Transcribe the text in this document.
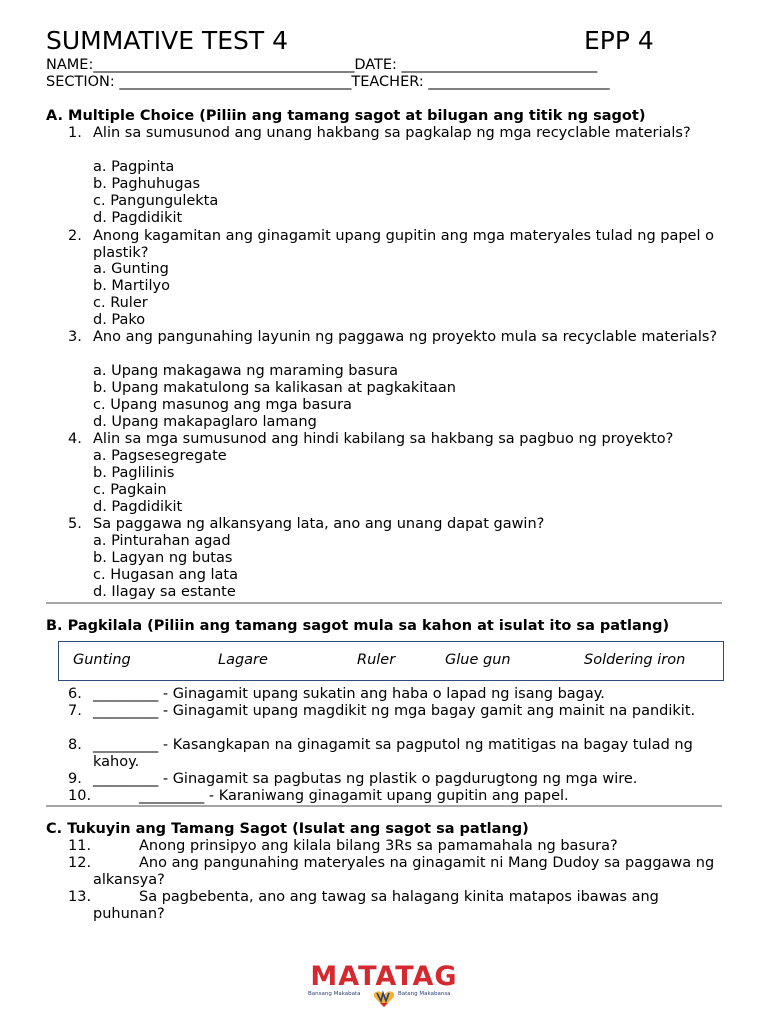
SUMMATIVE TEST 4	EPP 4
NAME:____________________________________DATE: ___________________________
SECTION: ________________________________TEACHER: _________________________
A. Multiple Choice (Piliin ang tamang sagot at bilugan ang titik ng sagot)
1. Alin sa sumusunod ang unang hakbang sa pagkalap ng mga recyclable materials?
a. Pagpinta
b. Paghuhugas
c. Pangungulekta
d. Pagdidikit
2. Anong kagamitan ang ginagamit upang gupitin ang mga materyales tulad ng papel o plastik?
a. Gunting
b. Martilyo
c. Ruler
d. Pako
3. Ano ang pangunahing layunin ng paggawa ng proyekto mula sa recyclable materials?
a. Upang makagawa ng maraming basura
b. Upang makatulong sa kalikasan at pagkakitaan
c. Upang masunog ang mga basura
d. Upang makapaglaro lamang
4. Alin sa mga sumusunod ang hindi kabilang sa hakbang sa pagbuo ng proyekto?
a. Pagsesegregate
b. Paglilinis
c. Pagkain
d. Pagdidikit
5. Sa paggawa ng alkansyang lata, ano ang unang dapat gawin?
a. Pinturahan agad
b. Lagyan ng butas
c. Hugasan ang lata
d. Ilagay sa estante
B. Pagkilala (Piliin ang tamang sagot mula sa kahon at isulat ito sa patlang)
Gunting	Lagare	Ruler	Glue gun	Soldering iron
6. _________ - Ginagamit upang sukatin ang haba o lapad ng isang bagay.
7. _________ - Ginagamit upang magdikit ng mga bagay gamit ang mainit na pandikit.
8. _________ - Kasangkapan na ginagamit sa pagputol ng matitigas na bagay tulad ng kahoy.
9. _________ - Ginagamit sa pagbutas ng plastik o pagdurugtong ng mga wire.
10.	_________ - Karaniwang ginagamit upang gupitin ang papel.
C. Tukuyin ang Tamang Sagot (Isulat ang sagot sa patlang)
11.	Anong prinsipyo ang kilala bilang 3Rs sa pamamahala ng basura?
12.	Ano ang pangunahing materyales na ginagamit ni Mang Dudoy sa paggawa ng alkansya?
13.	Sa pagbebenta, ano ang tawag sa halagang kinita matapos ibawas ang puhunan?
MATATAG
Bansang Makabata	Batang Makabansa
